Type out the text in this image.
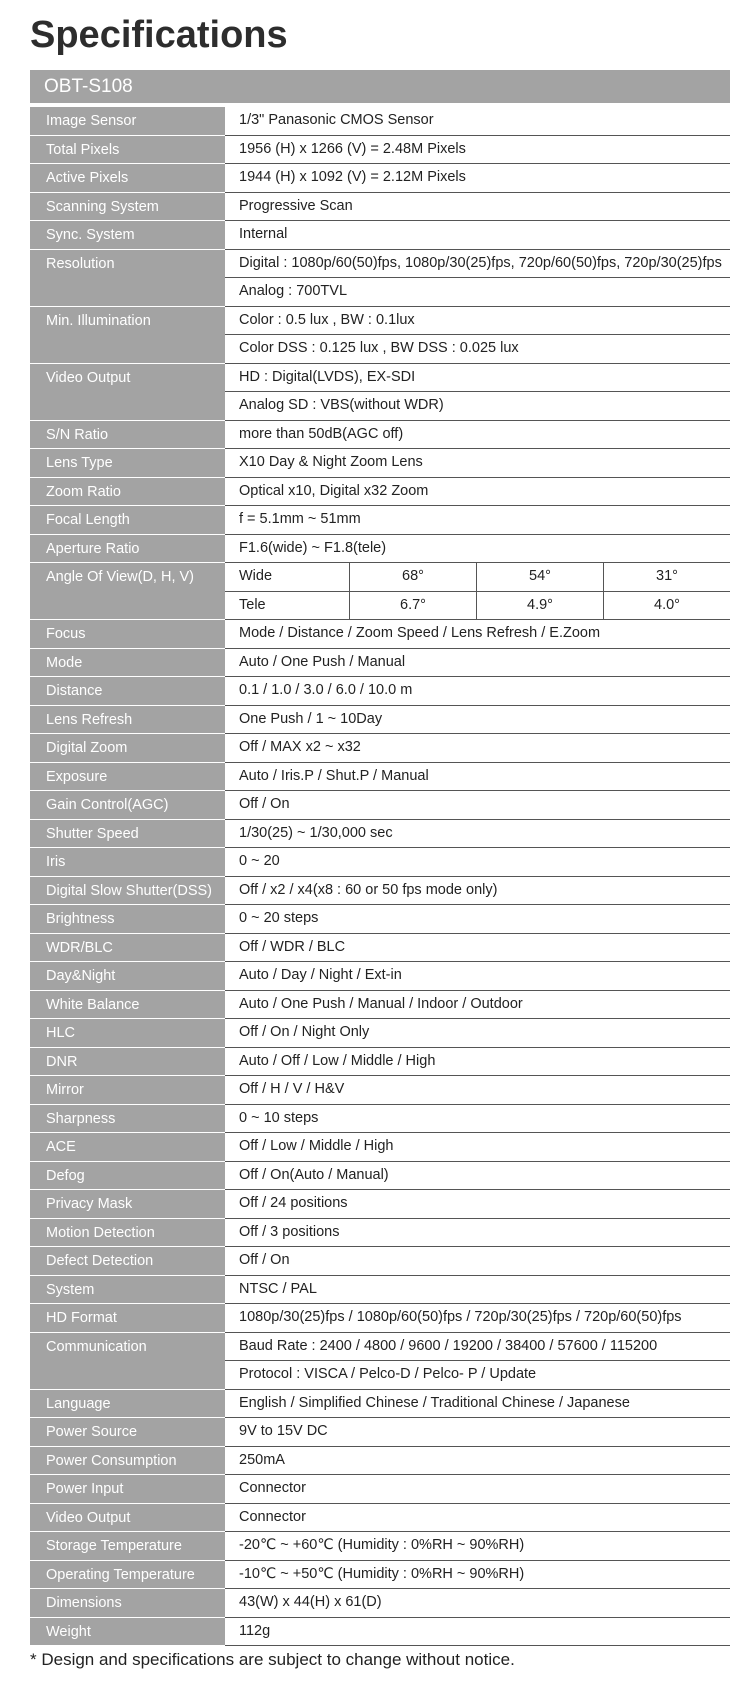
Specifications
OBT-S108
Image Sensor	1/3" Panasonic CMOS Sensor
Total Pixels	1956 (H) x 1266 (V) = 2.48M Pixels
Active Pixels	1944 (H) x 1092 (V) = 2.12M Pixels
Scanning System	Progressive Scan
Sync. System	Internal
Resolution	Digital : 1080p/60(50)fps, 1080p/30(25)fps, 720p/60(50)fps, 720p/30(25)fps
Analog : 700TVL
Min. Illumination	Color : 0.5 lux , BW : 0.1lux
Color DSS : 0.125 lux , BW DSS : 0.025 lux
Video Output	HD : Digital(LVDS), EX-SDI
Analog SD : VBS(without WDR)
S/N Ratio	more than 50dB(AGC off)
Lens Type	X10 Day & Night Zoom Lens
Zoom Ratio	Optical x10, Digital x32 Zoom
Focal Length	f = 5.1mm ~ 51mm
Aperture Ratio	F1.6(wide) ~ F1.8(tele)
Angle Of View(D, H, V)	Wide	68°	54°	31°
Tele	6.7°	4.9°	4.0°
Focus	Mode / Distance / Zoom Speed / Lens Refresh / E.Zoom
Mode	Auto / One Push / Manual
Distance	0.1 / 1.0 / 3.0 / 6.0 / 10.0 m
Lens Refresh	One Push / 1 ~ 10Day
Digital Zoom	Off / MAX x2 ~ x32
Exposure	Auto / Iris.P / Shut.P / Manual
Gain Control(AGC)	Off / On
Shutter Speed	1/30(25) ~ 1/30,000 sec
Iris	0 ~ 20
Digital Slow Shutter(DSS)	Off / x2 / x4(x8 : 60 or 50 fps mode only)
Brightness	0 ~ 20 steps
WDR/BLC	Off / WDR / BLC
Day&Night	Auto / Day / Night / Ext-in
White Balance	Auto / One Push / Manual / Indoor / Outdoor
HLC	Off / On / Night Only
DNR	Auto / Off / Low / Middle / High
Mirror	Off / H / V / H&V
Sharpness	0 ~ 10 steps
ACE	Off / Low / Middle / High
Defog	Off / On(Auto / Manual)
Privacy Mask	Off / 24 positions
Motion Detection	Off / 3 positions
Defect Detection	Off / On
System	NTSC / PAL
HD Format	1080p/30(25)fps / 1080p/60(50)fps / 720p/30(25)fps / 720p/60(50)fps
Communication	Baud Rate : 2400 / 4800 / 9600 / 19200 / 38400 / 57600 / 115200
Protocol : VISCA / Pelco-D / Pelco- P / Update
Language	English / Simplified Chinese / Traditional Chinese / Japanese
Power Source	9V to 15V DC
Power Consumption	250mA
Power Input	Connector
Video Output	Connector
Storage Temperature	-20℃ ~ +60℃ (Humidity : 0%RH ~ 90%RH)
Operating Temperature	-10℃ ~ +50℃ (Humidity : 0%RH ~ 90%RH)
Dimensions	43(W) x 44(H) x 61(D)
Weight	112g

* Design and specifications are subject to change without notice.
